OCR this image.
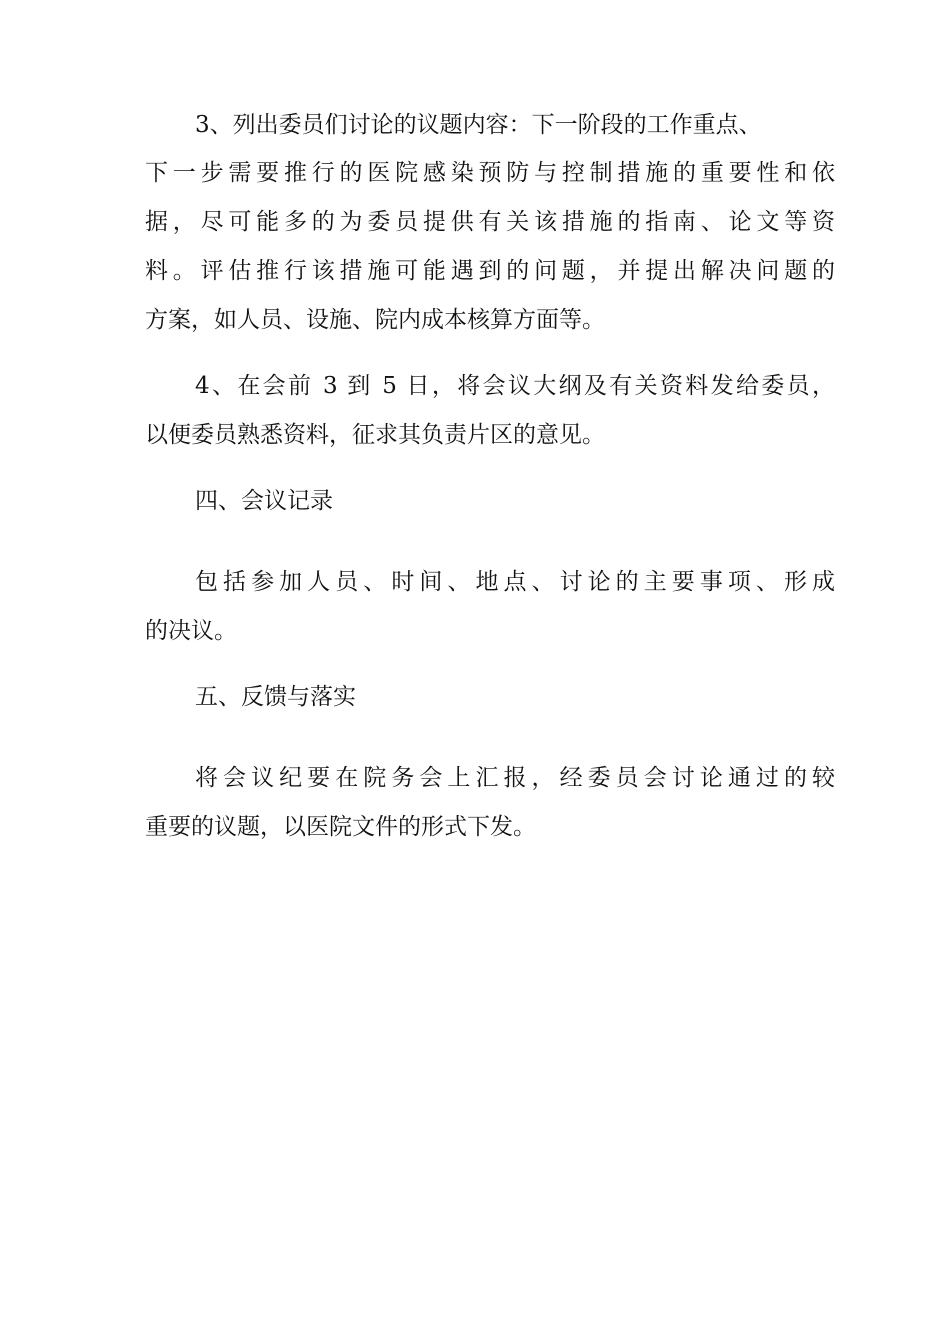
3、列出委员们讨论的议题内容：下一阶段的工作重点、
下一步需要推行的医院感染预防与控制措施的重要性和依
据，尽可能多的为委员提供有关该措施的指南、论文等资
料。评估推行该措施可能遇到的问题，并提出解决问题的
方案，如人员、设施、院内成本核算方面等。
4、在会前 3 到 5 日，将会议大纲及有关资料发给委员，
以便委员熟悉资料，征求其负责片区的意见。
四、会议记录
包括参加人员、时间、地点、讨论的主要事项、形成
的决议。
五、反馈与落实
将会议纪要在院务会上汇报，经委员会讨论通过的较
重要的议题，以医院文件的形式下发。
